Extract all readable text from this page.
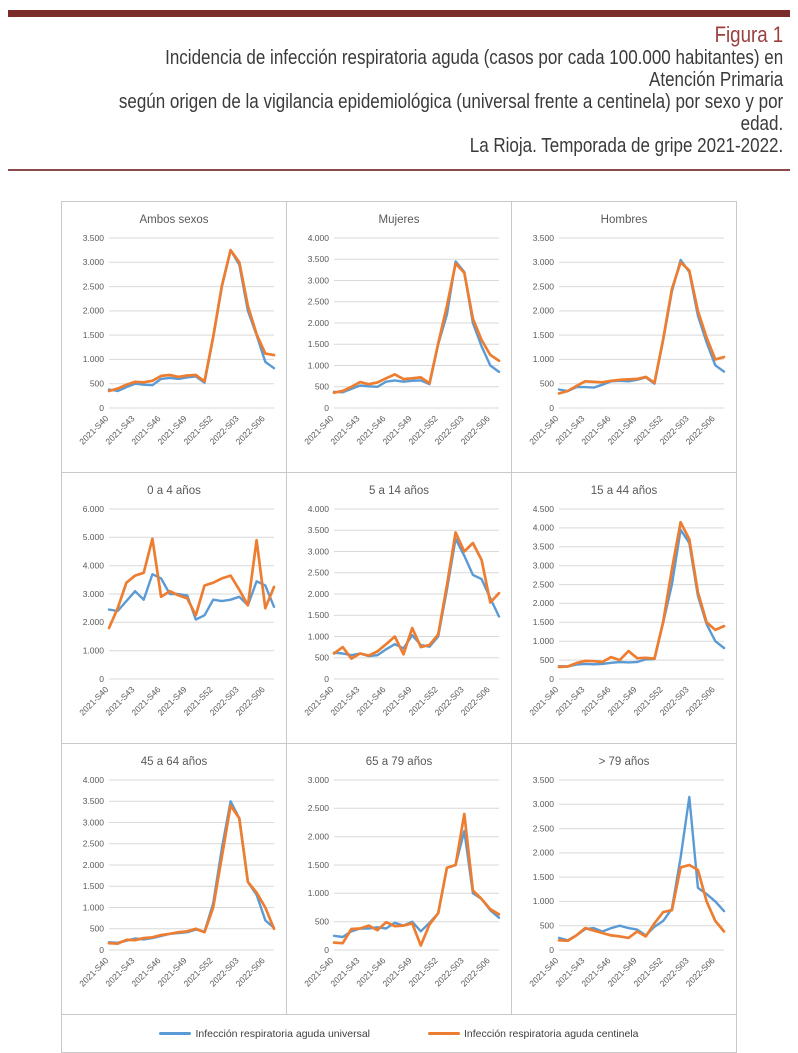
Figura 1
Incidencia de infección respiratoria aguda (casos por cada 100.000 habitantes) en Atención Primaria
según origen de la vigilancia epidemiológica (universal frente a centinela) por sexo y por edad.
La Rioja. Temporada de gripe 2021-2022.
Ambos sexos
0
500
1.000
1.500
2.000
2.500
3.000
3.500
2021-S40
2021-S43
2021-S46
2021-S49
2021-S52
2022-S03
2022-S06
Mujeres
0
500
1.000
1.500
2.000
2.500
3.000
3.500
4.000
2021-S40
2021-S43
2021-S46
2021-S49
2021-S52
2022-S03
2022-S06
Hombres
0
500
1.000
1.500
2.000
2.500
3.000
3.500
2021-S40
2021-S43
2021-S46
2021-S49
2021-S52
2022-S03
2022-S06
0 a 4 años
0
1.000
2.000
3.000
4.000
5.000
6.000
2021-S40
2021-S43
2021-S46
2021-S49
2021-S52
2022-S03
2022-S06
5 a 14 años
0
500
1.000
1.500
2.000
2.500
3.000
3.500
4.000
2021-S40
2021-S43
2021-S46
2021-S49
2021-S52
2022-S03
2022-S06
15 a 44 años
0
500
1.000
1.500
2.000
2.500
3.000
3.500
4.000
4.500
2021-S40
2021-S43
2021-S46
2021-S49
2021-S52
2022-S03
2022-S06
45 a 64 años
0
500
1.000
1.500
2.000
2.500
3.000
3.500
4.000
2021-S40
2021-S43
2021-S46
2021-S49
2021-S52
2022-S03
2022-S06
65 a 79 años
0
500
1.000
1.500
2.000
2.500
3.000
2021-S40
2021-S43
2021-S46
2021-S49
2021-S52
2022-S03
2022-S06
> 79 años
0
500
1.000
1.500
2.000
2.500
3.000
3.500
2021-S40
2021-S43
2021-S46
2021-S49
2021-S52
2022-S03
2022-S06
Infección respiratoria aguda universal	Infección respiratoria aguda centinela
